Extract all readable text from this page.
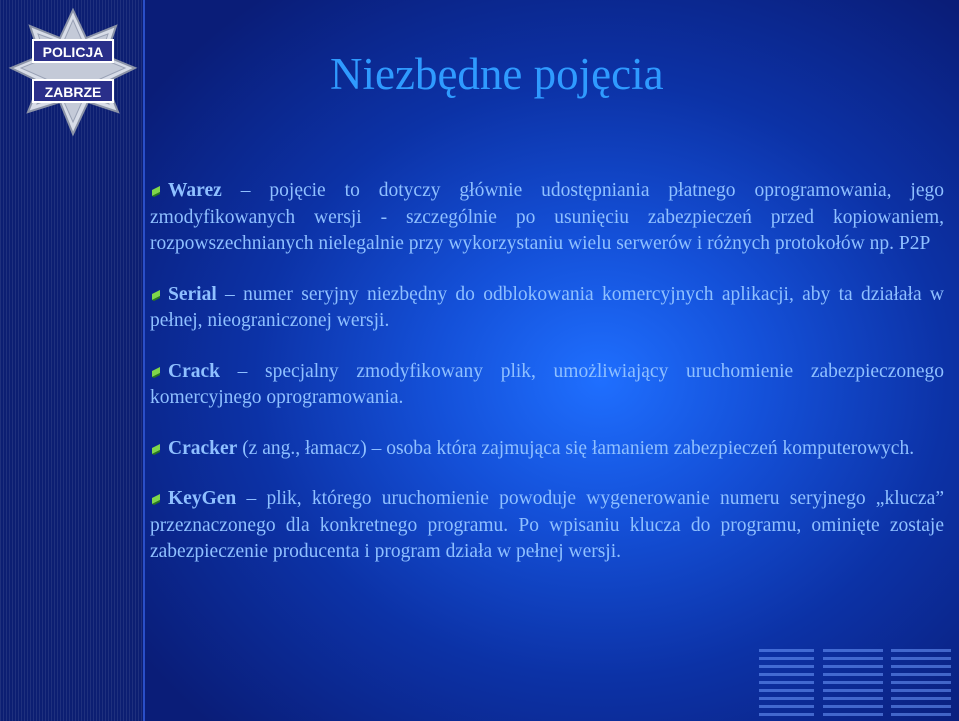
POLICJA
ZABRZE	Niezbędne pojęcia

Warez – pojęcie to dotyczy głównie udostępniania płatnego oprogramowania, jego zmodyfikowanych wersji - szczególnie po usunięciu zabezpieczeń przed kopiowaniem, rozpowszechnianych nielegalnie przy wykorzystaniu wielu serwerów i różnych protokołów np. P2P

Serial – numer seryjny niezbędny do odblokowania komercyjnych aplikacji, aby ta działała w pełnej, nieograniczonej wersji.

Crack – specjalny zmodyfikowany plik, umożliwiający uruchomienie zabezpieczonego komercyjnego oprogramowania.

Cracker (z ang., łamacz) – osoba która zajmująca się łamaniem zabezpieczeń komputerowych.

KeyGen – plik, którego uruchomienie powoduje wygenerowanie numeru seryjnego „klucza” przeznaczonego dla konkretnego programu. Po wpisaniu klucza do programu, ominięte zostaje zabezpieczenie producenta i program działa w pełnej wersji.
